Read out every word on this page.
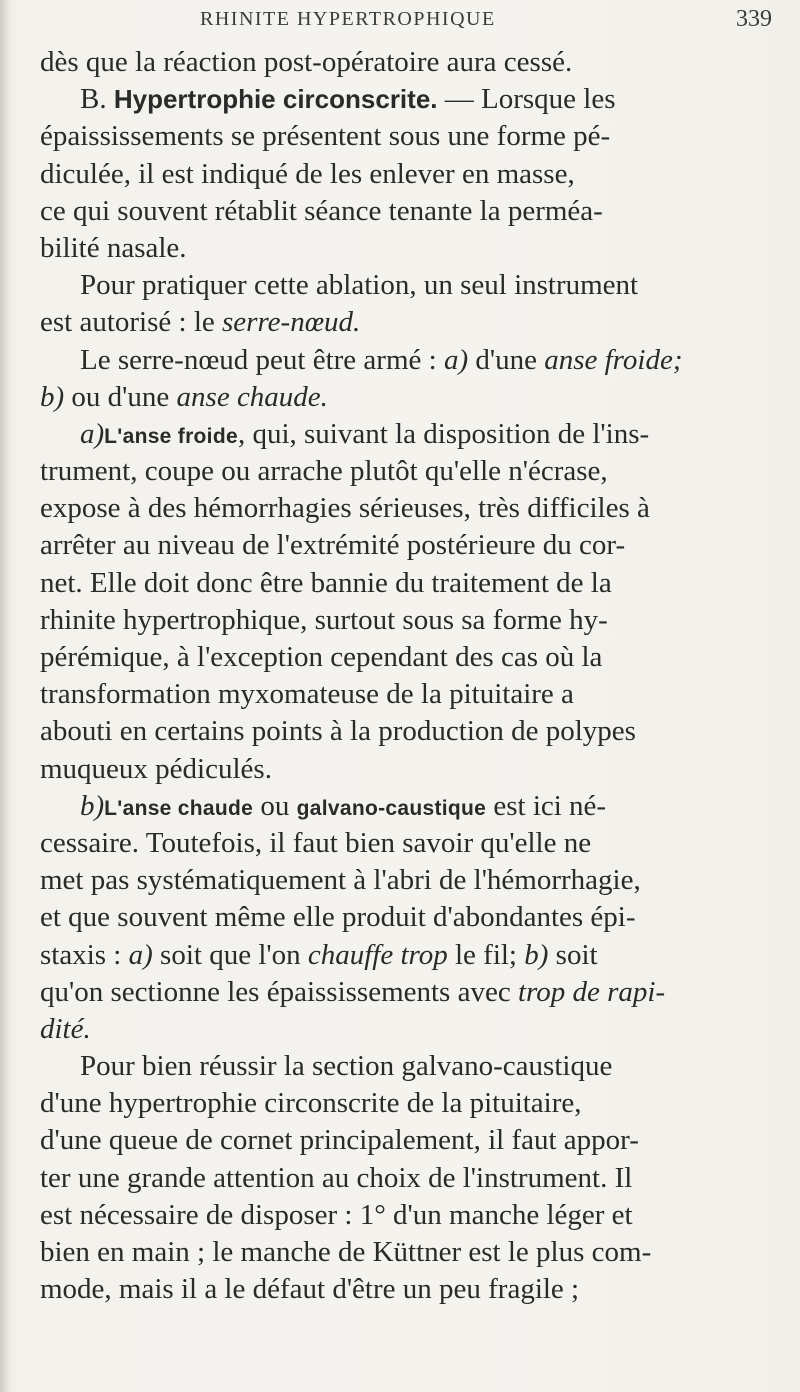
RHINITE HYPERTROPHIQUE	339
dès que la réaction post-opératoire aura cessé.
B. Hypertrophie circonscrite. — Lorsque les
épaississements se présentent sous une forme pé-
diculée, il est indiqué de les enlever en masse,
ce qui souvent rétablit séance tenante la perméa-
bilité nasale.
Pour pratiquer cette ablation, un seul instrument
est autorisé : le serre-nœud.
Le serre-nœud peut être armé : a) d'une anse froide;
b) ou d'une anse chaude.
a)L'anse froide, qui, suivant la disposition de l'ins-
trument, coupe ou arrache plutôt qu'elle n'écrase,
expose à des hémorrhagies sérieuses, très difficiles à
arrêter au niveau de l'extrémité postérieure du cor-
net. Elle doit donc être bannie du traitement de la
rhinite hypertrophique, surtout sous sa forme hy-
pérémique, à l'exception cependant des cas où la
transformation myxomateuse de la pituitaire a
abouti en certains points à la production de polypes
muqueux pédiculés.
b)L'anse chaude ou galvano-caustique est ici né-
cessaire. Toutefois, il faut bien savoir qu'elle ne
met pas systématiquement à l'abri de l'hémorrhagie,
et que souvent même elle produit d'abondantes épi-
staxis : a) soit que l'on chauffe trop le fil; b) soit
qu'on sectionne les épaississements avec trop de rapi-
dité.
Pour bien réussir la section galvano-caustique
d'une hypertrophie circonscrite de la pituitaire,
d'une queue de cornet principalement, il faut appor-
ter une grande attention au choix de l'instrument. Il
est nécessaire de disposer : 1° d'un manche léger et
bien en main ; le manche de Küttner est le plus com-
mode, mais il a le défaut d'être un peu fragile ;
